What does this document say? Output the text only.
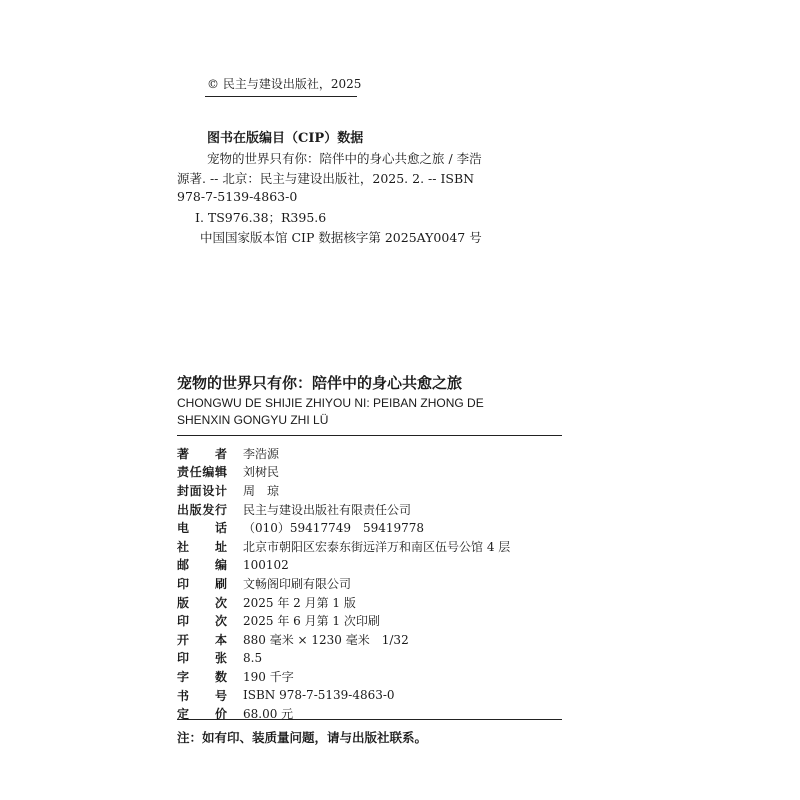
© 民主与建设出版社，2025
图书在版编目（CIP）数据
宠物的世界只有你：陪伴中的身心共愈之旅 / 李浩
源著. -- 北京：民主与建设出版社，2025. 2. -- ISBN
978-7-5139-4863-0
Ⅰ. TS976.38；R395.6
中国国家版本馆 CIP 数据核字第 2025AY0047 号
宠物的世界只有你：陪伴中的身心共愈之旅
CHONGWU DE SHIJIE ZHIYOU NI: PEIBAN ZHONG DE SHENXIN GONGYU ZHI LÜ
著 者 李浩源
责 任 编 辑 刘树民
封 面 设 计 周　琼
出 版 发 行 民主与建设出版社有限责任公司
电 话 （010）59417749　59419778
社 址 北京市朝阳区宏泰东街远洋万和南区伍号公馆 4 层
邮 编 100102
印 刷 文畅阁印刷有限公司
版 次 2025 年 2 月第 1 版
印 次 2025 年 6 月第 1 次印刷
开 本 880 毫米 × 1230 毫米　1/32
印 张 8.5
字 数 190 千字
书 号 ISBN 978-7-5139-4863-0
定 价 68.00 元
注：如有印、装质量问题，请与出版社联系。
